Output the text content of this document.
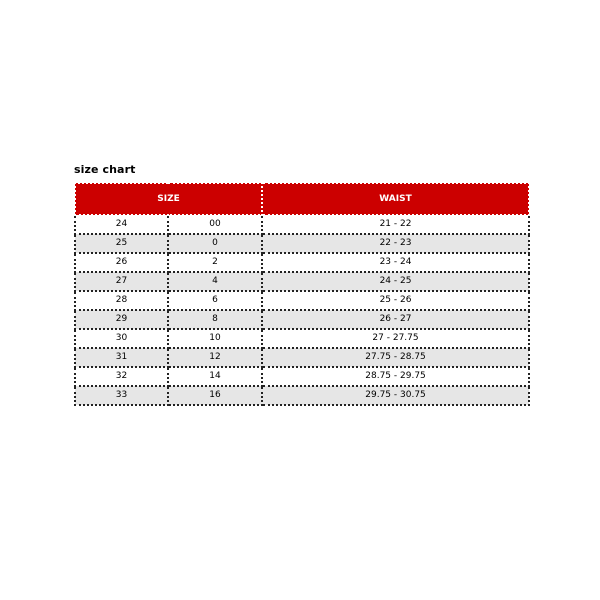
size chart
SIZE		WAIST
24	00	21 - 22
25	0	22 - 23
26	2	23 - 24
27	4	24 - 25
28	6	25 - 26
29	8	26 - 27
30	10	27 - 27.75
31	12	27.75 - 28.75
32	14	28.75 - 29.75
33	16	29.75 - 30.75
